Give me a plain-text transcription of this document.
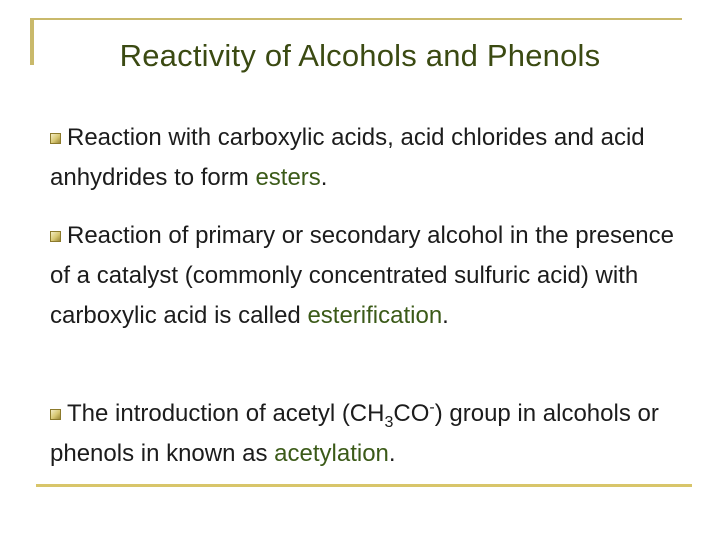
Reactivity of Alcohols and Phenols
Reaction with carboxylic acids, acid chlorides and acid anhydrides to form esters.
Reaction of primary or secondary alcohol in the presence of a catalyst (commonly concentrated sulfuric acid) with carboxylic acid is called esterification.
The introduction of acetyl $(CH_3CO^-)$ group in alcohols or phenols in known as acetylation.
